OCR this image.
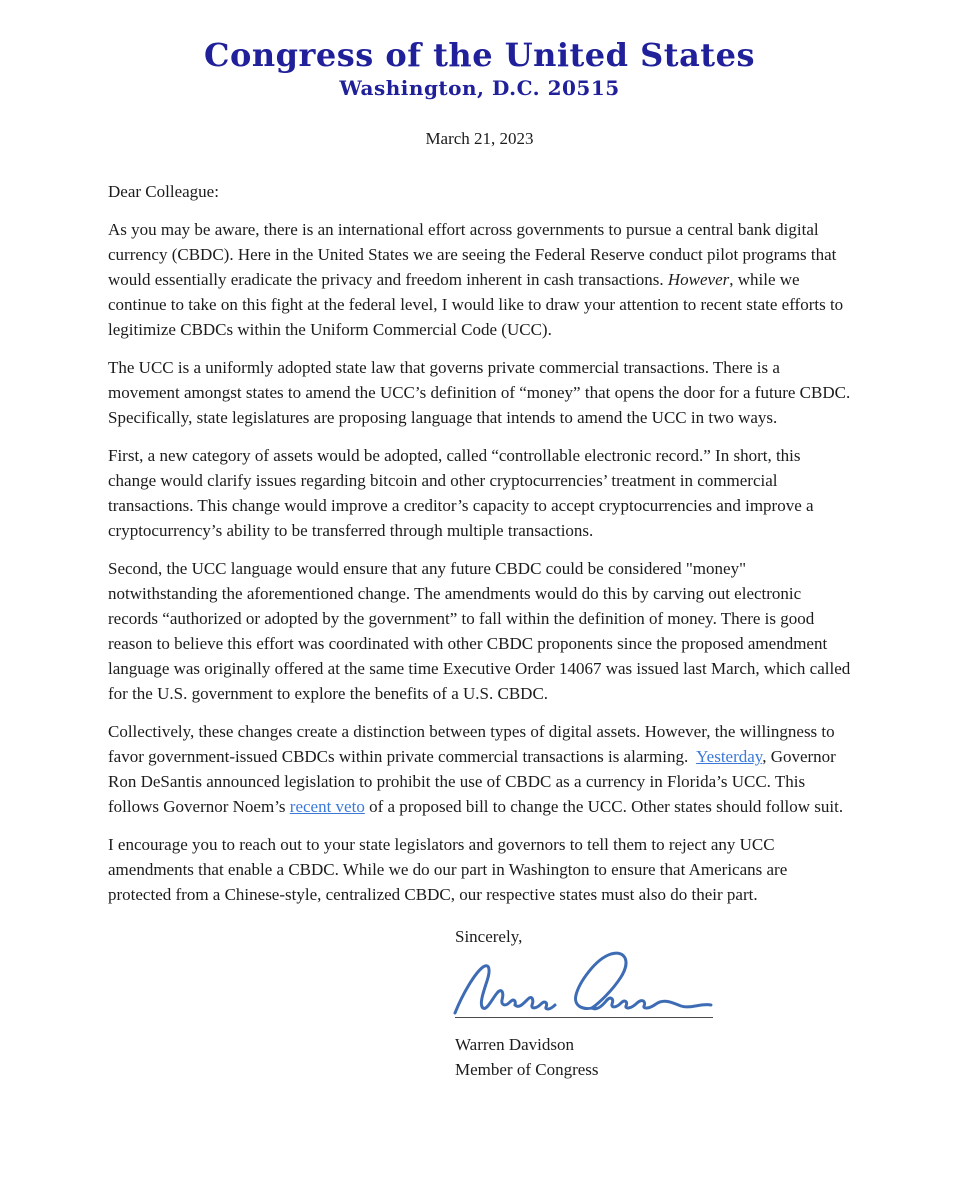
Congress of the United States
Washington, D.C. 20515
March 21, 2023

Dear Colleague:

As you may be aware, there is an international effort across governments to pursue a central bank digital currency (CBDC). Here in the United States we are seeing the Federal Reserve conduct pilot programs that would essentially eradicate the privacy and freedom inherent in cash transactions. However, while we continue to take on this fight at the federal level, I would like to draw your attention to recent state efforts to legitimize CBDCs within the Uniform Commercial Code (UCC).

The UCC is a uniformly adopted state law that governs private commercial transactions. There is a movement amongst states to amend the UCC’s definition of “money” that opens the door for a future CBDC. Specifically, state legislatures are proposing language that intends to amend the UCC in two ways.

First, a new category of assets would be adopted, called “controllable electronic record.” In short, this change would clarify issues regarding bitcoin and other cryptocurrencies’ treatment in commercial transactions. This change would improve a creditor’s capacity to accept cryptocurrencies and improve a cryptocurrency’s ability to be transferred through multiple transactions.

Second, the UCC language would ensure that any future CBDC could be considered "money" notwithstanding the aforementioned change. The amendments would do this by carving out electronic records “authorized or adopted by the government” to fall within the definition of money. There is good reason to believe this effort was coordinated with other CBDC proponents since the proposed amendment language was originally offered at the same time Executive Order 14067 was issued last March, which called for the U.S. government to explore the benefits of a U.S. CBDC.

Collectively, these changes create a distinction between types of digital assets. However, the willingness to favor government-issued CBDCs within private commercial transactions is alarming.  Yesterday, Governor Ron DeSantis announced legislation to prohibit the use of CBDC as a currency in Florida’s UCC. This follows Governor Noem’s recent veto of a proposed bill to change the UCC. Other states should follow suit.

I encourage you to reach out to your state legislators and governors to tell them to reject any UCC amendments that enable a CBDC. While we do our part in Washington to ensure that Americans are protected from a Chinese-style, centralized CBDC, our respective states must also do their part.

Sincerely,

Warren Davidson
Member of Congress
